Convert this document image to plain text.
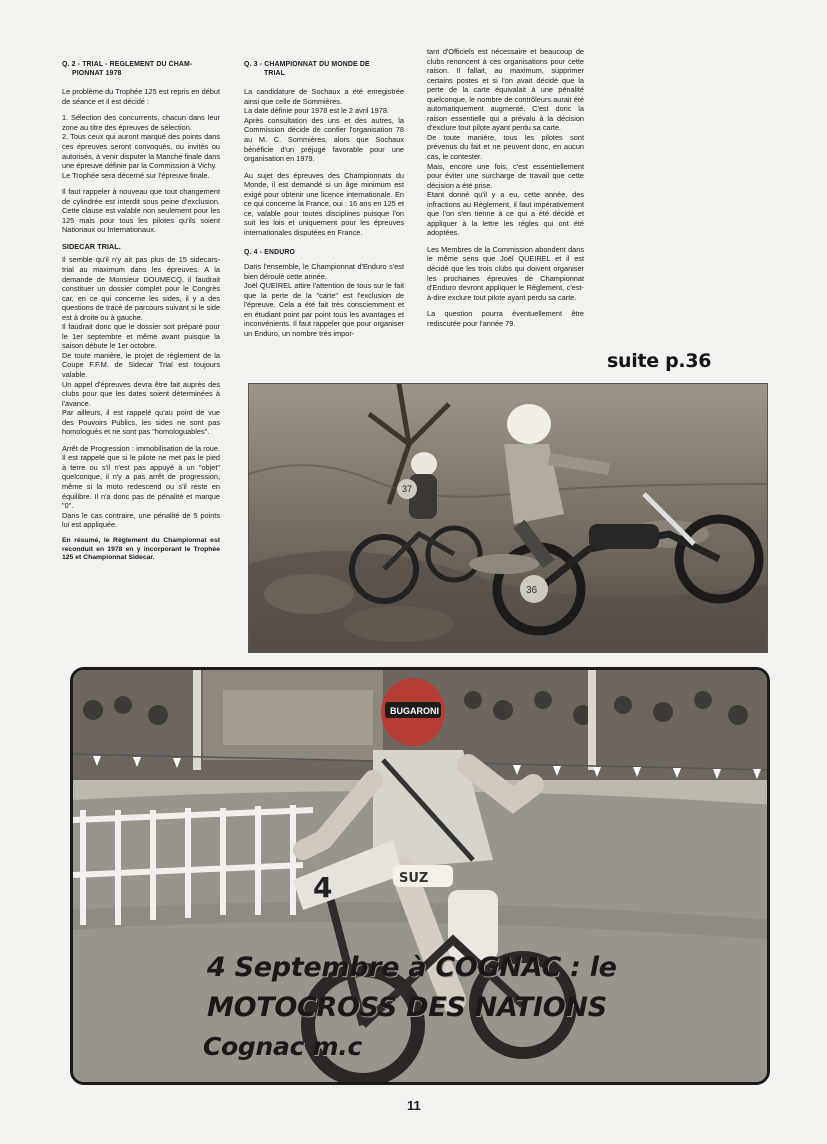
Q. 2 - TRIAL - REGLEMENT DU CHAM-
PIONNAT 1978

Le problème du Trophée 125 est repris en début de séance et il est décidé :

1. Sélection des concurrents, chacun dans leur zone au titre des épreuves de sélection.

2. Tous ceux qui auront marqué des points dans ces épreuves seront convoqués, ou invités ou autorisés, à venir disputer la Manche finale dans une épreuve définie par la Commission à Vichy.

Le Trophée sera décerné sur l'épreuve finale.

Il faut rappeler à nouveau que tout changement de cylindrée est interdit sous peine d'exclusion. Cette clause est valable non seulement pour les 125 mais pour tous les pilotes qu'ils soient Nationaux ou Internationaux.

SIDECAR TRIAL.

Il semble qu'il n'y ait pas plus de 15 sidecars-trial au maximum dans les épreuves. A la demande de Monsieur DOUMECQ, il faudrait constituer un dossier complet pour le Congrès car, en ce qui concerne les sides, il y a des questions de tracé de parcours suivant si le side est à droite ou à gauche.

Il faudrait donc que le dossier soit préparé pour le 1er septembre et même avant puisque la saison débute le 1er octobre.

De toute manière, le projet de règlement de la Coupe F.F.M. de Sidecar Trial est toujours valable.

Un appel d'épreuves devra être fait auprès des clubs pour que les dates soient déterminées à l'avance.

Par ailleurs, il est rappelé qu'au point de vue des Pouvoirs Publics, les sides ne sont pas homologués et ne sont pas "homologuables".

Arrêt de Progression : immobilisation de la roue. Il est rappelé que si le pilote ne met pas le pied à terre ou s'il n'est pas appuyé à un "objet" quelconque, il n'y a pas arrêt de progression, même si la moto redescend ou s'il reste en équilibre. Il n'a donc pas de pénalité et marque "0".

Dans le cas contraire, une pénalité de 5 points lui est appliquée.

En résumé, le Règlement du Championnat est reconduit en 1978 en y incorporant le Trophée 125 et Championnat Sidecar.

Q. 3 - CHAMPIONNAT DU MONDE DE
TRIAL

La candidature de Sochaux a été enregistrée ainsi que celle de Sommières.

La date définie pour 1978 est le 2 avril 1978.

Après consultation des uns et des autres, la Commission décide de confier l'organisation 78 au M. C. Sommières, alors que Sochaux bénéficie d'un préjugé favorable pour une organisation en 1979.

Au sujet des épreuves des Championnats du Monde, il est demandé si un âge minimum est exigé pour obtenir une licence internationale. En ce qui concerne la France, oui : 16 ans en 125 et ce, valable pour toutes disciplines puisque l'on suit les lois et uniquement pour les épreuves internationales disputées en France.

Q. 4 - ENDURO

Dans l'ensemble, le Championnat d'Enduro s'est bien déroulé cette année.

Joël QUEIREL attire l'attention de tous sur le fait que la perte de la "carte" est l'exclusion de l'épreuve. Cela a été fait très consciemment et en étudiant point par point tous les avantages et inconvénients. Il faut rappeler que pour organiser un Enduro, un nombre très impor-

tant d'Officiels est nécessaire et beaucoup de clubs renoncent à ces organisations pour cette raison. Il fallait, au maximum, supprimer certains postes et si l'on avait décidé que la perte de la carte équivalait à une pénalité quelconque, le nombre de contrôleurs aurait été automatiquement augmenté. C'est donc la raison essentielle qui a prévalu à la décision d'exclure tout pilote ayant perdu sa carte.

De toute manière, tous les pilotes sont prévenus du fait et ne peuvent donc, en aucun cas, le contester.

Mais, encore une fois, c'est essentiellement pour éviter une surcharge de travail que cette décision a été prise.

Etant donné qu'il y a eu, cette année, des infractions au Règlement, il faut impérativement que l'on s'en tienne à ce qui a été décidé et appliquer à la lettre les règles qui ont été adoptées.

Les Membres de la Commission abondent dans le même sens que Joël QUEIREL et il est décidé que les trois clubs qui doivent organiser les prochaines épreuves de Championnat d'Enduro devront appliquer le Règlement, c'est-à-dire exclure tout pilote ayant perdu sa carte.

La question pourra éventuellement être rediscutée pour l'année 79.

suite p.36
37
36
BUGARONI
4	SUZ
4 Septembre à COGNAC : le
MOTOCROSS DES NATIONS
Cognac m.c
11
